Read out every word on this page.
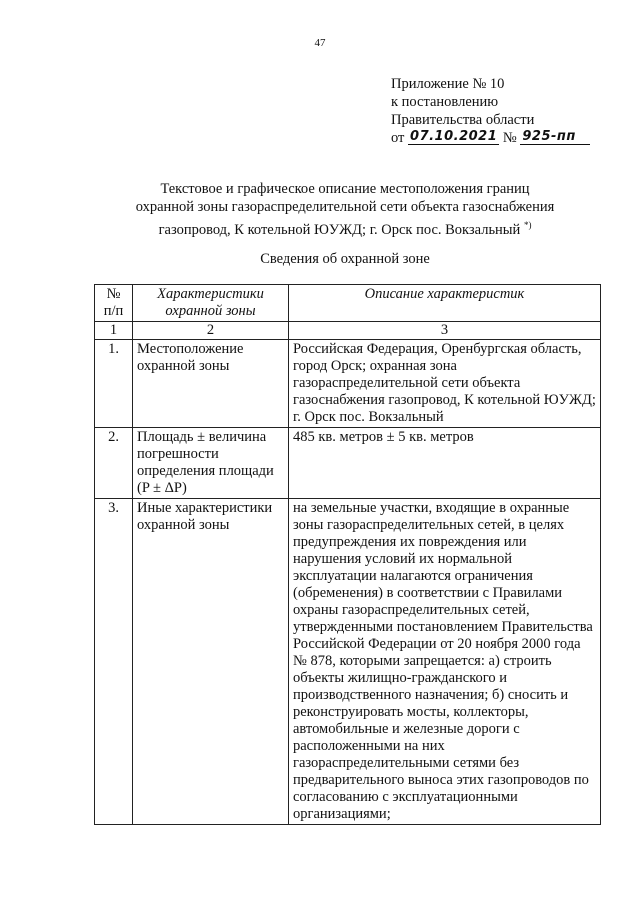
47
Приложение № 10
к постановлению
Правительства области
от 07.10.2021 № 925-пп
Текстовое и графическое описание местоположения границ
охранной зоны газораспределительной сети объекта газоснабжения
газопровод, К котельной ЮУЖД; г. Орск пос. Вокзальный *)
Сведения об охранной зоне
№ п/п	Характеристики охранной зоны	Описание характеристик
1	2	3
1.	Местоположение охранной зоны	Российская Федерация, Оренбургская область, город Орск; охранная зона газораспределительной сети объекта газоснабжения газопровод, К котельной ЮУЖД; г. Орск пос. Вокзальный
2.	Площадь ± величина погрешности определения площади (P ± ΔP)	485 кв. метров ± 5 кв. метров
3.	Иные характеристики охранной зоны	на земельные участки, входящие в охранные зоны газораспределительных сетей, в целях предупреждения их повреждения или нарушения условий их нормальной эксплуатации налагаются ограничения (обременения) в соответствии с Правилами охраны газораспределительных сетей, утвержденными постановлением Правительства Российской Федерации от 20 ноября 2000 года № 878, которыми запрещается: а) строить объекты жилищно-гражданского и производственного назначения; б) сносить и реконструировать мосты, коллекторы, автомобильные и железные дороги с расположенными на них газораспределительными сетями без предварительного выноса этих газопроводов по согласованию с эксплуатационными организациями;
